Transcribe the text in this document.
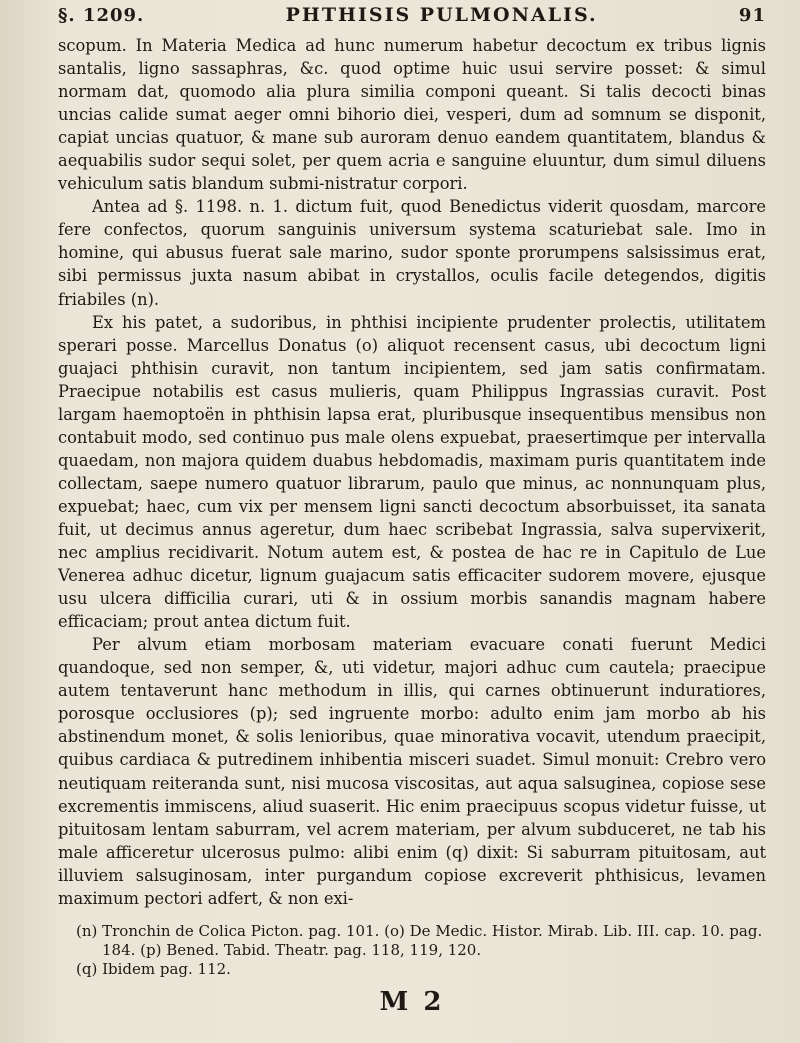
§. 1209.	PHTHISIS PULMONALIS.	91

scopum. In Materia Medica ad hunc numerum habetur decoctum ex tribus lignis santalis, ligno sassaphras, &c. quod optime huic usui servire posset: & simul normam dat, quomodo alia plura similia componi queant. Si talis decocti binas uncias calide sumat aeger omni bihorio diei, vesperi, dum ad somnum se disponit, capiat uncias quatuor, & mane sub auroram denuo eandem quantitatem, blandus & aequabilis sudor sequi solet, per quem acria e sanguine eluuntur, dum simul diluens vehiculum satis blandum submi-nistratur corpori.

Antea ad §. 1198. n. 1. dictum fuit, quod Benedictus viderit quosdam, marcore fere confectos, quorum sanguinis universum systema scaturiebat sale. Imo in homine, qui abusus fuerat sale marino, sudor sponte prorumpens salsissimus erat, sibi permissus juxta nasum abibat in crystallos, oculis facile detegendos, digitis friabiles (n).

Ex his patet, a sudoribus, in phthisi incipiente prudenter prolectis, utilitatem sperari posse. Marcellus Donatus (o) aliquot recensent casus, ubi decoctum ligni guajaci phthisin curavit, non tantum incipientem, sed jam satis confirmatam. Praecipue notabilis est casus mulieris, quam Philippus Ingrassias curavit. Post largam haemoptoën in phthisin lapsa erat, pluribusque insequentibus mensibus non contabuit modo, sed continuo pus male olens expuebat, praesertimque per intervalla quaedam, non majora quidem duabus hebdomadis, maximam puris quantitatem inde collectam, saepe numero quatuor librarum, paulo que minus, ac nonnunquam plus, expuebat; haec, cum vix per mensem ligni sancti decoctum absorbuisset, ita sanata fuit, ut decimus annus ageretur, dum haec scribebat Ingrassia, salva supervixerit, nec amplius recidivarit. Notum autem est, & postea de hac re in Capitulo de Lue Venerea adhuc dicetur, lignum guajacum satis efficaciter sudorem movere, ejusque usu ulcera difficilia curari, uti & in ossium morbis sanandis magnam habere efficaciam; prout antea dictum fuit.

Per alvum etiam morbosam materiam evacuare conati fuerunt Medici quandoque, sed non semper, &, uti videtur, majori adhuc cum cautela; praecipue autem tentaverunt hanc methodum in illis, qui carnes obtinuerunt induratiores, porosque occlusiores (p); sed ingruente morbo: adulto enim jam morbo ab his abstinendum monet, & solis lenioribus, quae minorativa vocavit, utendum praecipit, quibus cardiaca & putredinem inhibentia misceri suadet. Simul monuit: Crebro vero neutiquam reiteranda sunt, nisi mucosa viscositas, aut aqua salsuginea, copiose sese excrementis immiscens, aliud suaserit. Hic enim praecipuus scopus videtur fuisse, ut pituitosam lentam saburram, vel acrem materiam, per alvum subduceret, ne tab his male afficeretur ulcerosus pulmo: alibi enim (q) dixit: Si saburram pituitosam, aut illuviem salsuginosam, inter purgandum copiose excreverit phthisicus, levamen maximum pectori adfert, & non exi-

(n) Tronchin de Colica Picton. pag. 101. (o) De Medic. Histor. Mirab. Lib. III. cap. 10. pag. 184. (p) Bened. Tabid. Theatr. pag. 118, 119, 120.

(q) Ibidem pag. 112.

M 2
